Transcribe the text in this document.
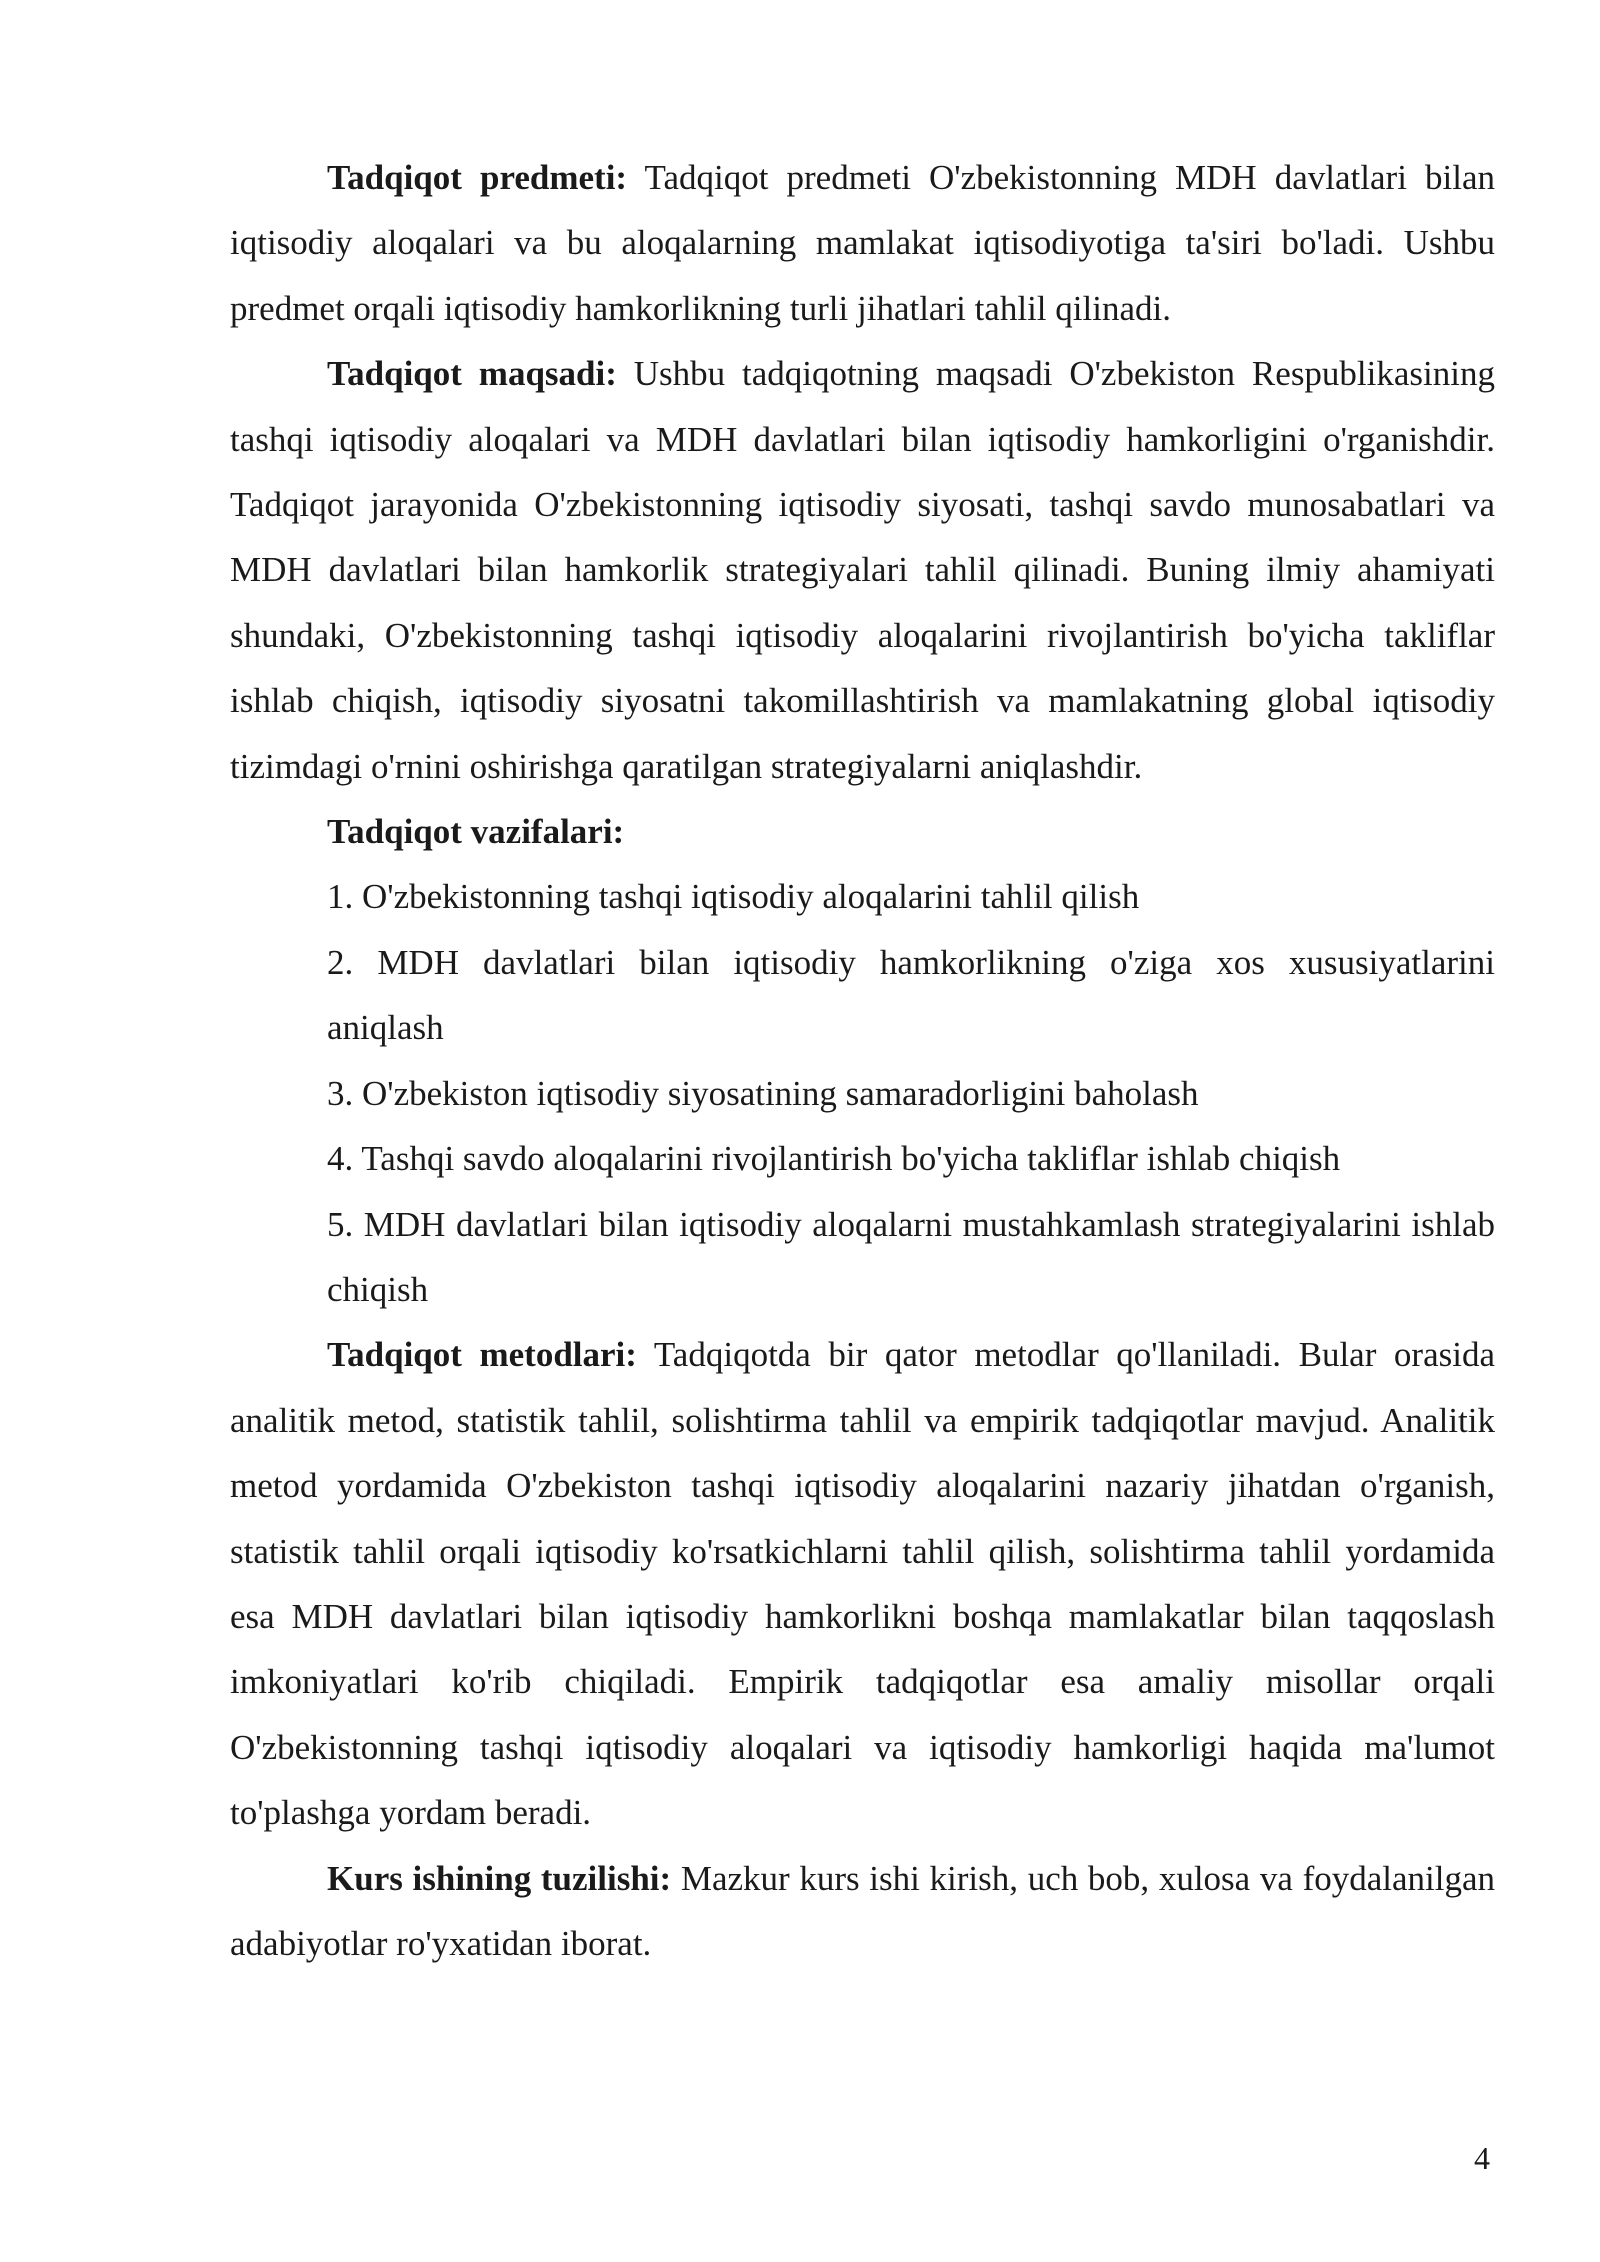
Tadqiqot predmeti: Tadqiqot predmeti O'zbekistonning MDH davlatlari bilan iqtisodiy aloqalari va bu aloqalarning mamlakat iqtisodiyotiga ta'siri bo'ladi. Ushbu predmet orqali iqtisodiy hamkorlikning turli jihatlari tahlil qilinadi.

Tadqiqot maqsadi: Ushbu tadqiqotning maqsadi O'zbekiston Respublikasining tashqi iqtisodiy aloqalari va MDH davlatlari bilan iqtisodiy hamkorligini o'rganishdir. Tadqiqot jarayonida O'zbekistonning iqtisodiy siyosati, tashqi savdo munosabatlari va MDH davlatlari bilan hamkorlik strategiyalari tahlil qilinadi. Buning ilmiy ahamiyati shundaki, O'zbekistonning tashqi iqtisodiy aloqalarini rivojlantirish bo'yicha takliflar ishlab chiqish, iqtisodiy siyosatni takomillashtirish va mamlakatning global iqtisodiy tizimdagi o'rnini oshirishga qaratilgan strategiyalarni aniqlashdir.

Tadqiqot vazifalari:

1. O'zbekistonning tashqi iqtisodiy aloqalarini tahlil qilish

2. MDH davlatlari bilan iqtisodiy hamkorlikning o'ziga xos xususiyatlarini aniqlash

3. O'zbekiston iqtisodiy siyosatining samaradorligini baholash

4. Tashqi savdo aloqalarini rivojlantirish bo'yicha takliflar ishlab chiqish

5. MDH davlatlari bilan iqtisodiy aloqalarni mustahkamlash strategiyalarini ishlab chiqish

Tadqiqot metodlari: Tadqiqotda bir qator metodlar qo'llaniladi. Bular orasida analitik metod, statistik tahlil, solishtirma tahlil va empirik tadqiqotlar mavjud. Analitik metod yordamida O'zbekiston tashqi iqtisodiy aloqalarini nazariy jihatdan o'rganish, statistik tahlil orqali iqtisodiy ko'rsatkichlarni tahlil qilish, solishtirma tahlil yordamida esa MDH davlatlari bilan iqtisodiy hamkorlikni boshqa mamlakatlar bilan taqqoslash imkoniyatlari ko'rib chiqiladi. Empirik tadqiqotlar esa amaliy misollar orqali O'zbekistonning tashqi iqtisodiy aloqalari va iqtisodiy hamkorligi haqida ma'lumot to'plashga yordam beradi.

Kurs ishining tuzilishi: Mazkur kurs ishi kirish, uch bob, xulosa va foydalanilgan adabiyotlar ro'yxatidan iborat.

4
